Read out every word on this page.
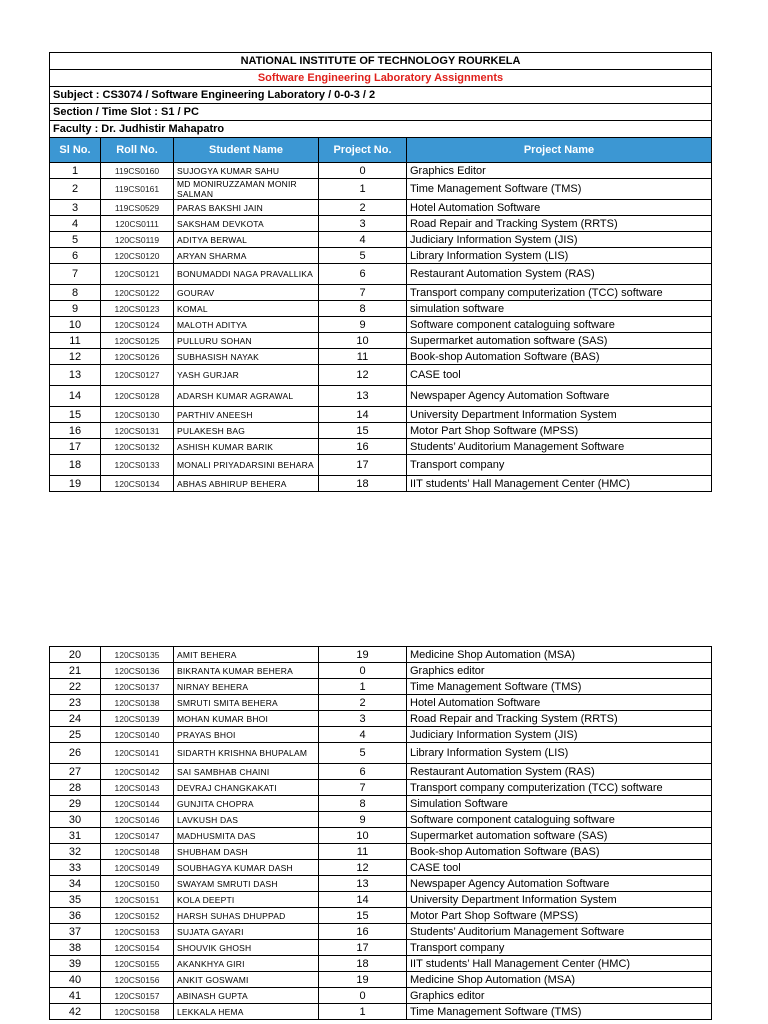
NATIONAL INSTITUTE OF TECHNOLOGY ROURKELA				
Software Engineering Laboratory Assignments				
Subject : CS3074 / Software Engineering Laboratory / 0-0-3 / 2				
Section / Time Slot : S1 / PC				
Faculty : Dr. Judhistir Mahapatro				
Sl No.	Roll No.	Student Name	Project No.	Project Name
1	119CS0160	SUJOGYA KUMAR SAHU	0	Graphics Editor
2	119CS0161	MD MONIRUZZAMAN MONIR SALMAN	1	Time Management Software (TMS)
3	119CS0529	PARAS BAKSHI JAIN	2	Hotel Automation Software
4	120CS0111	SAKSHAM DEVKOTA	3	Road Repair and Tracking System (RRTS)
5	120CS0119	ADITYA BERWAL	4	Judiciary Information System (JIS)
6	120CS0120	ARYAN SHARMA	5	Library Information System (LIS)
7	120CS0121	BONUMADDI NAGA PRAVALLIKA	6	Restaurant Automation System (RAS)
8	120CS0122	GOURAV	7	Transport company computerization (TCC) software
9	120CS0123	KOMAL	8	simulation software
10	120CS0124	MALOTH ADITYA	9	Software component cataloguing software
11	120CS0125	PULLURU SOHAN	10	Supermarket automation software (SAS)
12	120CS0126	SUBHASISH NAYAK	11	Book-shop Automation Software (BAS)
13	120CS0127	YASH GURJAR	12	CASE tool
14	120CS0128	ADARSH KUMAR AGRAWAL	13	Newspaper Agency Automation Software
15	120CS0130	PARTHIV ANEESH	14	University Department Information System
16	120CS0131	PULAKESH BAG	15	Motor Part Shop Software (MPSS)
17	120CS0132	ASHISH KUMAR BARIK	16	Students’ Auditorium Management Software
18	120CS0133	MONALI PRIYADARSINI BEHARA	17	Transport company
19	120CS0134	ABHAS ABHIRUP BEHERA	18	IIT students’ Hall Management Center (HMC)
20	120CS0135	AMIT BEHERA	19	Medicine Shop Automation (MSA)
21	120CS0136	BIKRANTA KUMAR BEHERA	0	Graphics editor
22	120CS0137	NIRNAY BEHERA	1	Time Management Software (TMS)
23	120CS0138	SMRUTI SMITA BEHERA	2	Hotel Automation Software
24	120CS0139	MOHAN KUMAR BHOI	3	Road Repair and Tracking System (RRTS)
25	120CS0140	PRAYAS BHOI	4	Judiciary Information System (JIS)
26	120CS0141	SIDARTH KRISHNA BHUPALAM	5	Library Information System (LIS)
27	120CS0142	SAI SAMBHAB CHAINI	6	Restaurant Automation System (RAS)
28	120CS0143	DEVRAJ CHANGKAKATI	7	Transport company computerization (TCC) software
29	120CS0144	GUNJITA CHOPRA	8	Simulation Software
30	120CS0146	LAVKUSH DAS	9	Software component cataloguing software
31	120CS0147	MADHUSMITA DAS	10	Supermarket automation software (SAS)
32	120CS0148	SHUBHAM DASH	11	Book-shop Automation Software (BAS)
33	120CS0149	SOUBHAGYA KUMAR DASH	12	CASE tool
34	120CS0150	SWAYAM SMRUTI DASH	13	Newspaper Agency Automation Software
35	120CS0151	KOLA DEEPTI	14	University Department Information System
36	120CS0152	HARSH SUHAS DHUPPAD	15	Motor Part Shop Software (MPSS)
37	120CS0153	SUJATA GAYARI	16	Students’ Auditorium Management Software
38	120CS0154	SHOUVIK GHOSH	17	Transport company
39	120CS0155	AKANKHYA GIRI	18	IIT students’ Hall Management Center (HMC)
40	120CS0156	ANKIT GOSWAMI	19	Medicine Shop Automation (MSA)
41	120CS0157	ABINASH GUPTA	0	Graphics editor
42	120CS0158	LEKKALA HEMA	1	Time Management Software (TMS)
